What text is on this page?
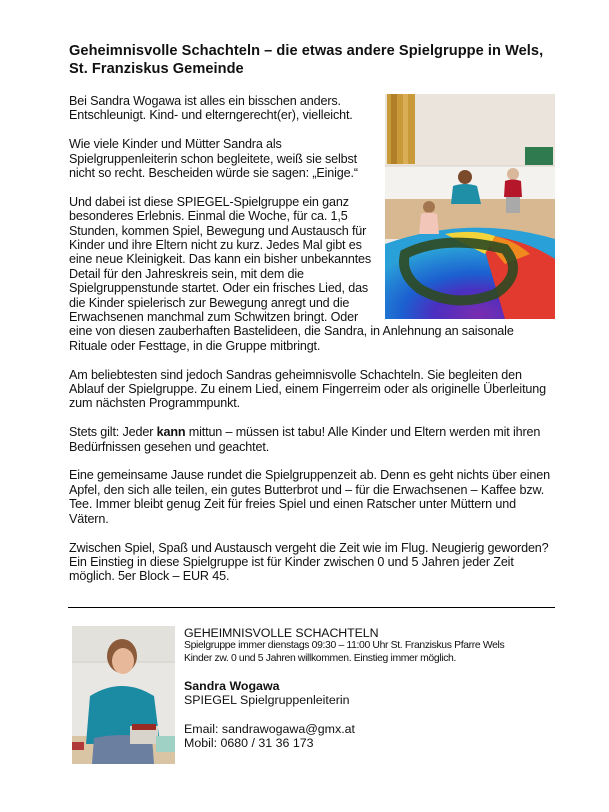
Geheimnisvolle Schachteln – die etwas andere Spielgruppe in Wels, St. Franziskus Gemeinde

Bei Sandra Wogawa ist alles ein bisschen anders. Entschleunigt. Kind- und elterngerecht(er), vielleicht.

Wie viele Kinder und Mütter Sandra als Spielgruppenleiterin schon begleitete, weiß sie selbst nicht so recht. Bescheiden würde sie sagen: „Einige.“

Und dabei ist diese SPIEGEL-Spielgruppe ein ganz besonderes Erlebnis. Einmal die Woche, für ca. 1,5 Stunden, kommen Spiel, Bewegung und Austausch für Kinder und ihre Eltern nicht zu kurz. Jedes Mal gibt es eine neue Kleinigkeit. Das kann ein bisher unbekanntes Detail für den Jahreskreis sein, mit dem die Spielgruppenstunde startet. Oder ein frisches Lied, das die Kinder spielerisch zur Bewegung anregt und die Erwachsenen manchmal zum Schwitzen bringt. Oder eine von diesen zauberhaften Bastelideen, die Sandra, in Anlehnung an saisonale Rituale oder Festtage, in die Gruppe mitbringt.

Am beliebtesten sind jedoch Sandras geheimnisvolle Schachteln. Sie begleiten den Ablauf der Spielgruppe. Zu einem Lied, einem Fingerreim oder als originelle Überleitung zum nächsten Programmpunkt.

Stets gilt: Jeder kann mittun – müssen ist tabu! Alle Kinder und Eltern werden mit ihren Bedürfnissen gesehen und geachtet.

Eine gemeinsame Jause rundet die Spielgruppenzeit ab. Denn es geht nichts über einen Apfel, den sich alle teilen, ein gutes Butterbrot und – für die Erwachsenen – Kaffee bzw. Tee. Immer bleibt genug Zeit für freies Spiel und einen Ratscher unter Müttern und Vätern.

Zwischen Spiel, Spaß und Austausch vergeht die Zeit wie im Flug. Neugierig geworden? Ein Einstieg in diese Spielgruppe ist für Kinder zwischen 0 und 5 Jahren jeder Zeit möglich. 5er Block – EUR 45.

GEHEIMNISVOLLE SCHACHTELN
Spielgruppe immer dienstags 09:30 – 11:00 Uhr St. Franziskus Pfarre Wels
Kinder zw. 0 und 5 Jahren willkommen. Einstieg immer möglich.
Sandra Wogawa
SPIEGEL Spielgruppenleiterin
Email: sandrawogawa@gmx.at
Mobil: 0680 / 31 36 173
